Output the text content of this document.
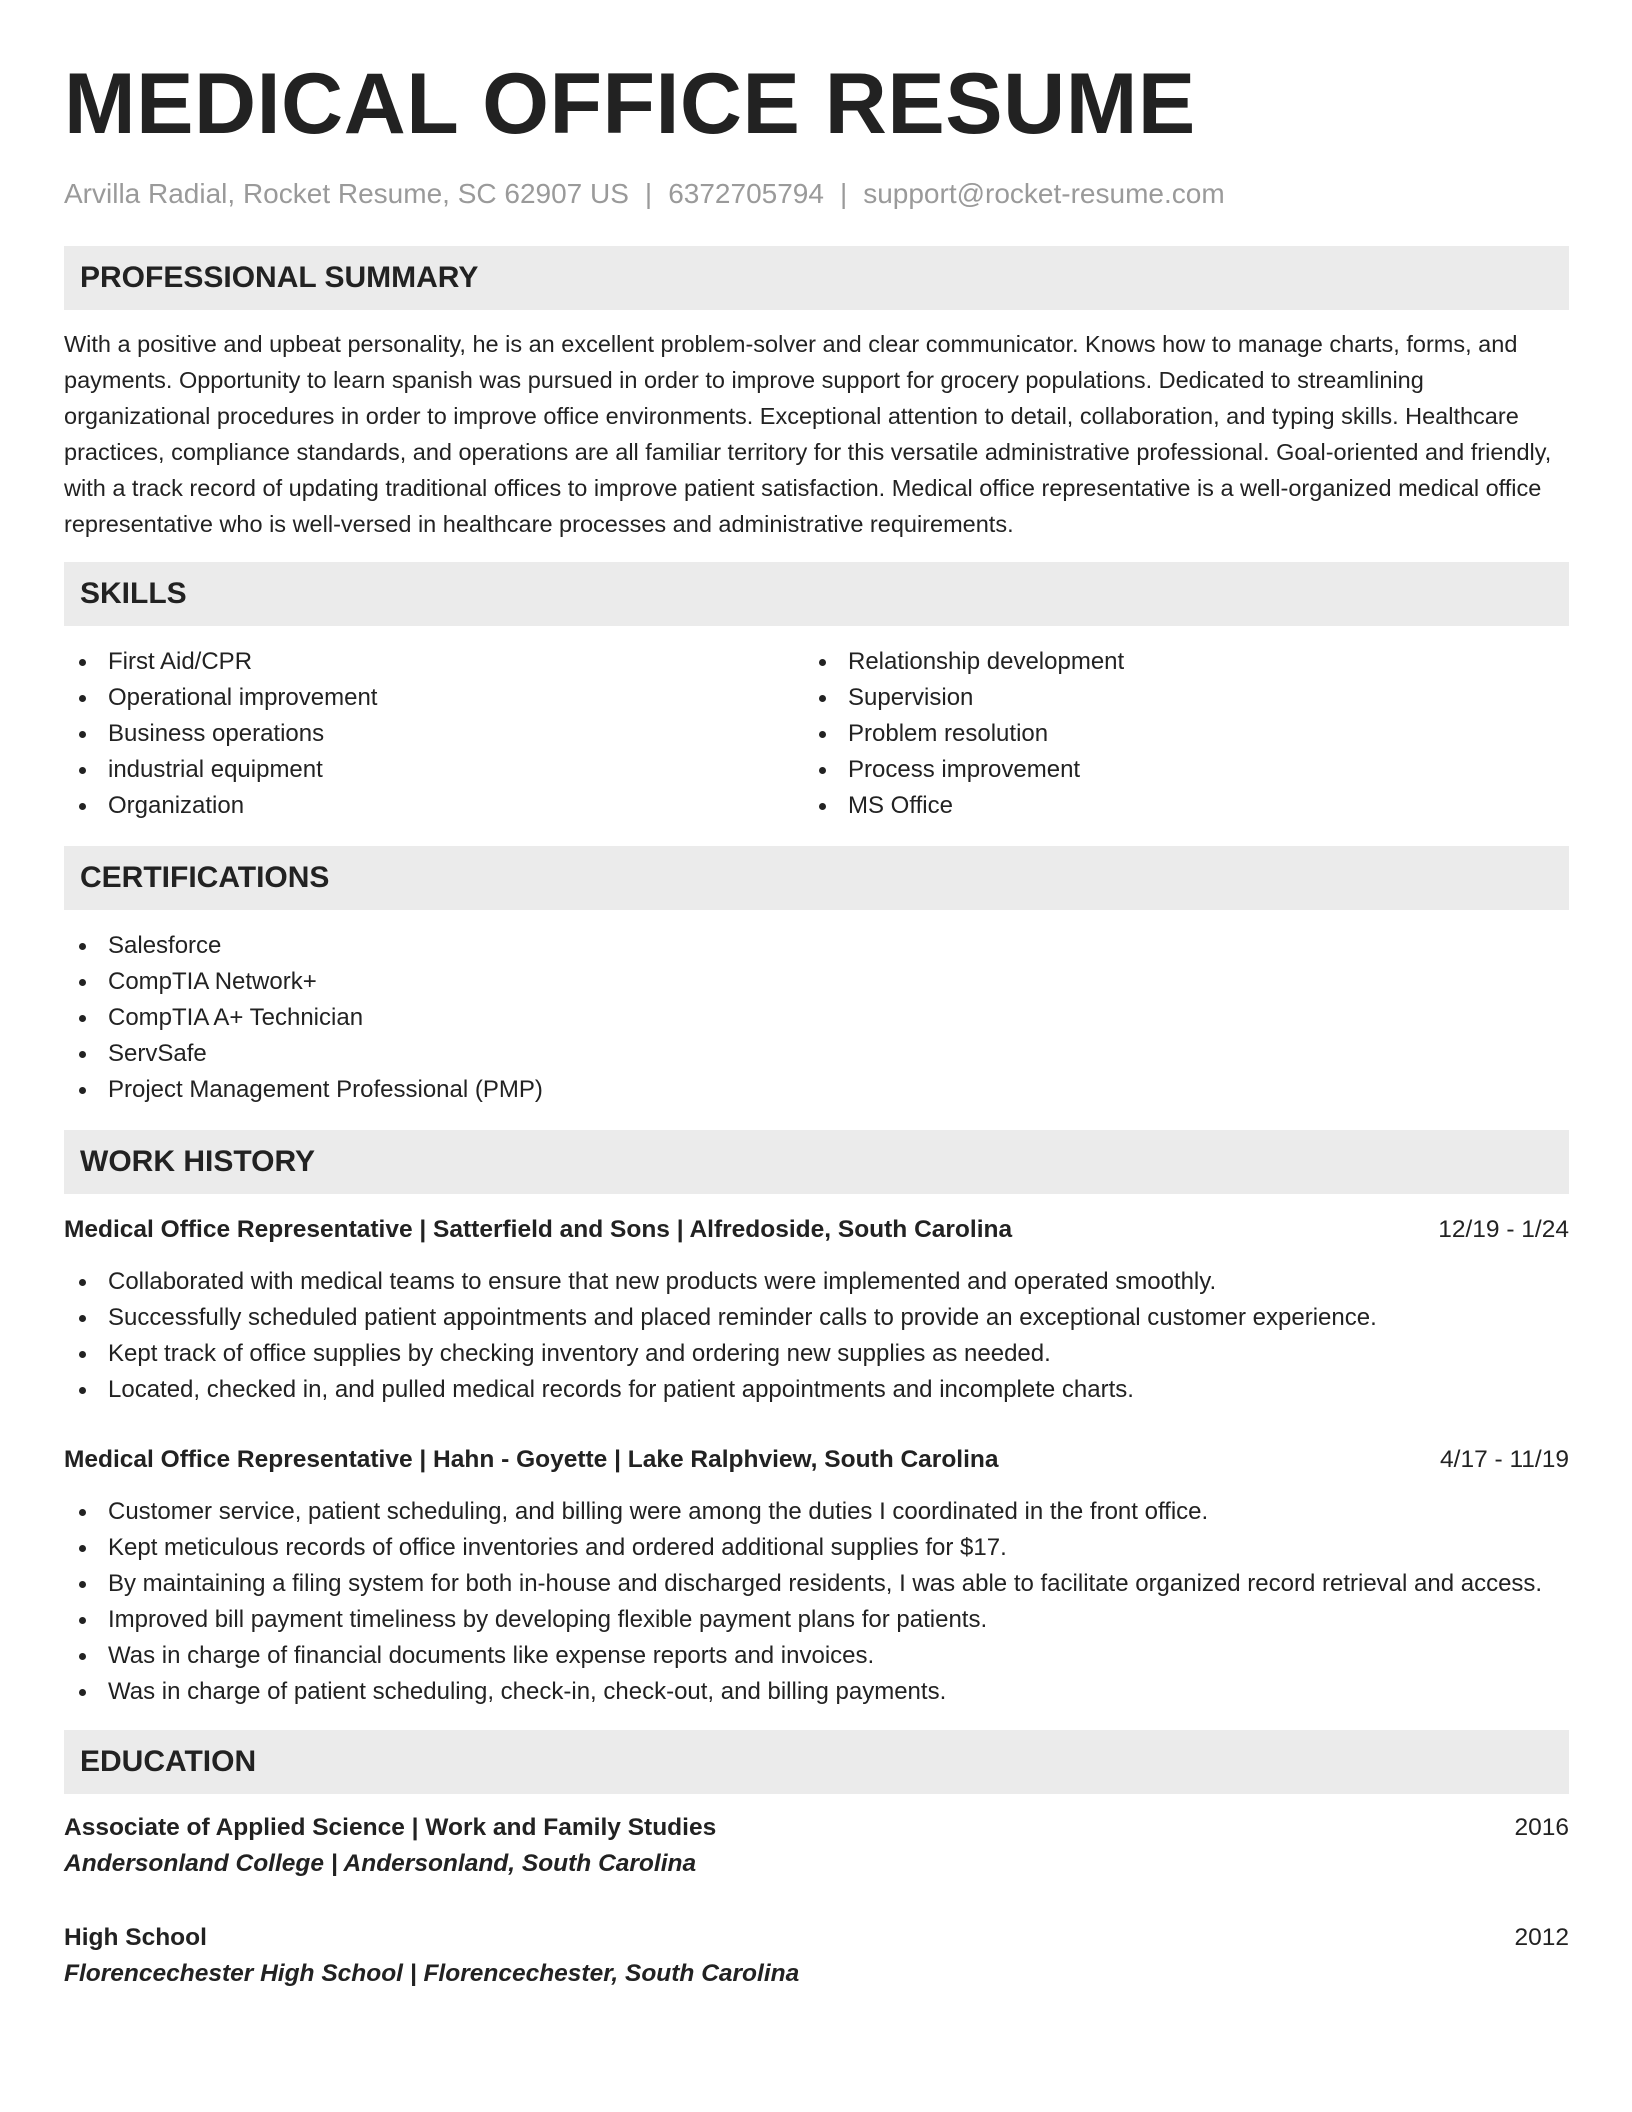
MEDICAL OFFICE RESUME
Arvilla Radial, Rocket Resume, SC 62907 US | 6372705794 | support@rocket-resume.com
PROFESSIONAL SUMMARY

With a positive and upbeat personality, he is an excellent problem-solver and clear communicator. Knows how to manage charts, forms, and payments. Opportunity to learn spanish was pursued in order to improve support for grocery populations. Dedicated to streamlining organizational procedures in order to improve office environments. Exceptional attention to detail, collaboration, and typing skills. Healthcare practices, compliance standards, and operations are all familiar territory for this versatile administrative professional. Goal-oriented and friendly, with a track record of updating traditional offices to improve patient satisfaction. Medical office representative is a well-organized medical office representative who is well-versed in healthcare processes and administrative requirements.

SKILLS
First Aid/CPR
Operational improvement
Business operations
industrial equipment
Organization
Relationship development
Supervision
Problem resolution
Process improvement
MS Office
CERTIFICATIONS
Salesforce
CompTIA Network+
CompTIA A+ Technician
ServSafe
Project Management Professional (PMP)
WORK HISTORY
Medical Office Representative | Satterfield and Sons | Alfredoside, South Carolina	12/19 - 1/24
Collaborated with medical teams to ensure that new products were implemented and operated smoothly.
Successfully scheduled patient appointments and placed reminder calls to provide an exceptional customer experience.
Kept track of office supplies by checking inventory and ordering new supplies as needed.
Located, checked in, and pulled medical records for patient appointments and incomplete charts.
Medical Office Representative | Hahn - Goyette | Lake Ralphview, South Carolina	4/17 - 11/19
Customer service, patient scheduling, and billing were among the duties I coordinated in the front office.
Kept meticulous records of office inventories and ordered additional supplies for $17.
By maintaining a filing system for both in-house and discharged residents, I was able to facilitate organized record retrieval and access.
Improved bill payment timeliness by developing flexible payment plans for patients.
Was in charge of financial documents like expense reports and invoices.
Was in charge of patient scheduling, check-in, check-out, and billing payments.
EDUCATION
Associate of Applied Science | Work and Family Studies	2016
Andersonland College | Andersonland, South Carolina
High School	2012
Florencechester High School | Florencechester, South Carolina
